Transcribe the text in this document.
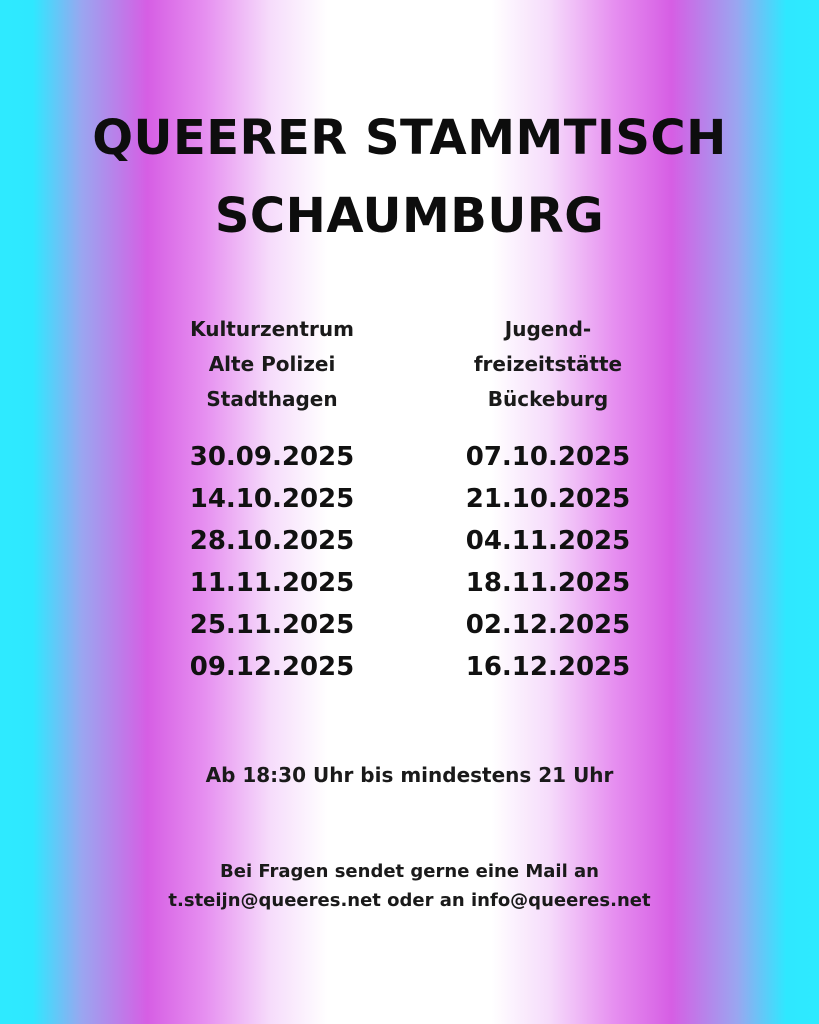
QUEERER STAMMTISCH
SCHAUMBURG
Kulturzentrum
Alte Polizei
Stadthagen
30.09.2025
14.10.2025
28.10.2025
11.11.2025
25.11.2025
09.12.2025
Jugend-
freizeitstätte
Bückeburg
07.10.2025
21.10.2025
04.11.2025
18.11.2025
02.12.2025
16.12.2025
Ab 18:30 Uhr bis mindestens 21 Uhr
Bei Fragen sendet gerne eine Mail an
t.steijn@queeres.net oder an info@queeres.net
